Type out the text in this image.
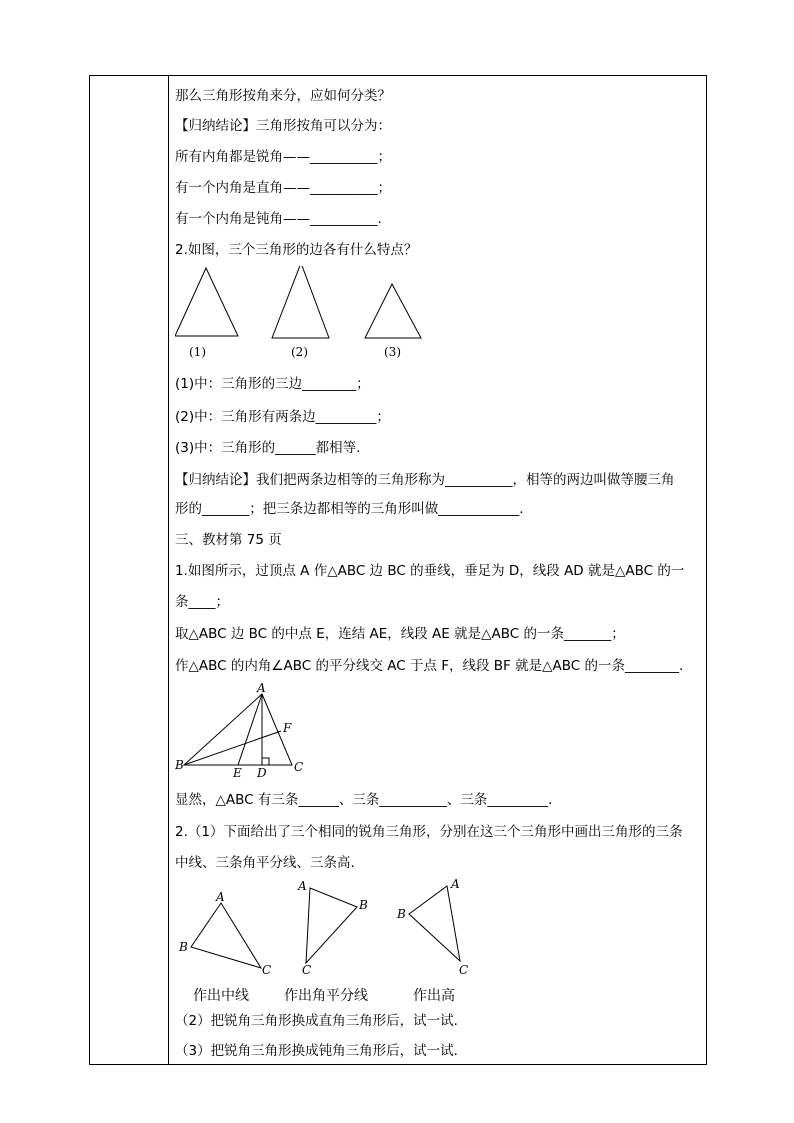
那么三角形按角来分，应如何分类？
【归纳结论】三角形按角可以分为：
所有内角都是锐角——__________；
有一个内角是直角——__________；
有一个内角是钝角——__________.
2.如图，三个三角形的边各有什么特点？
(1)	(2)	(3)
(1)中：三角形的三边________；
(2)中：三角形有两条边_________；
(3)中：三角形的______都相等.
【归纳结论】我们把两条边相等的三角形称为__________，相等的两边叫做等腰三角
形的_______；把三条边都相等的三角形叫做____________.
三、教材第 75 页
1.如图所示，过顶点 A 作△ABC 边 BC 的垂线，垂足为 D，线段 AD 就是△ABC 的一
条____；
取△ABC 边 BC 的中点 E，连结 AE，线段 AE 就是△ABC 的一条_______；
作△ABC 的内角∠ABC 的平分线交 AC 于点 F，线段 BF 就是△ABC 的一条________.
A
B	C
D
E
F
显然，△ABC 有三条______、三条__________、三条_________.
2.（1）下面给出了三个相同的锐角三角形，分别在这三个三角形中画出三角形的三条
中线、三条角平分线、三条高.
A
B
C
A
B
C
A
B
C
作出中线	作出角平分线	作出高
（2）把锐角三角形换成直角三角形后，试一试.
（3）把锐角三角形换成钝角三角形后，试一试.
